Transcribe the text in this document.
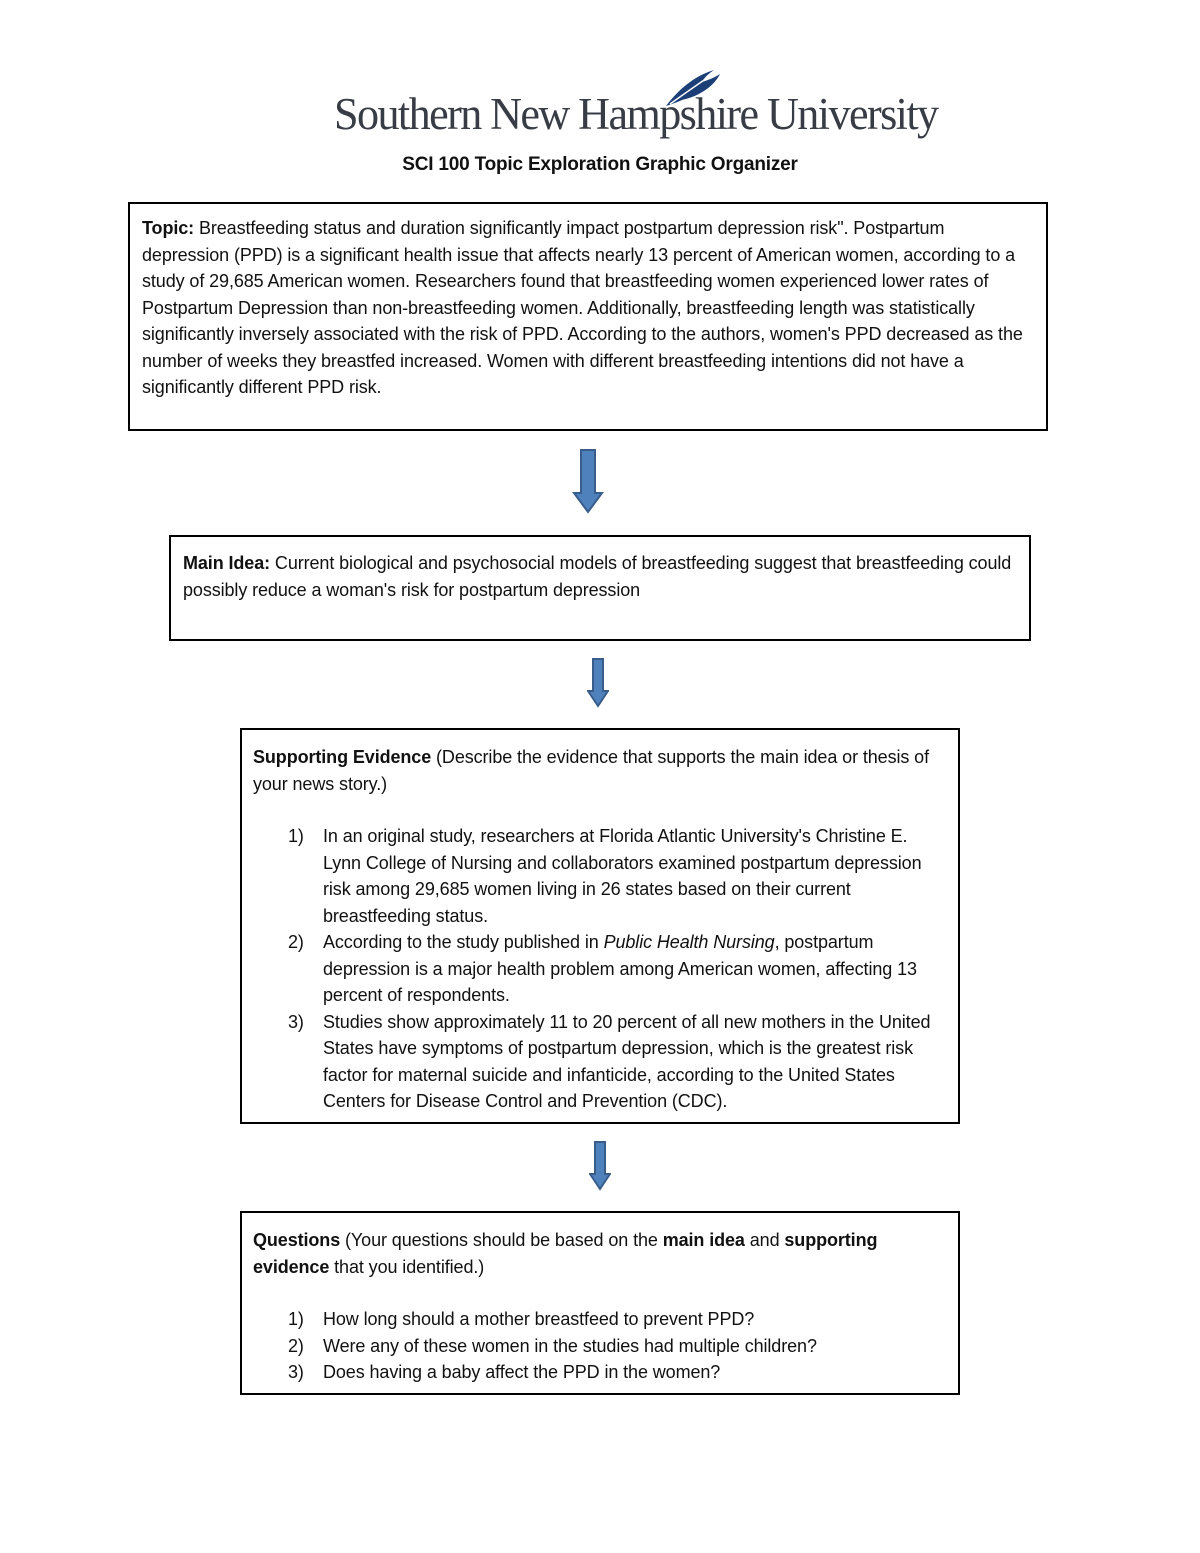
Southern New Hampshire University
SCI 100 Topic Exploration Graphic Organizer

Topic: Breastfeeding status and duration significantly impact postpartum depression risk". Postpartum depression (PPD) is a significant health issue that affects nearly 13 percent of American women, according to a study of 29,685 American women. Researchers found that breastfeeding women experienced lower rates of Postpartum Depression than non-breastfeeding women. Additionally, breastfeeding length was statistically significantly inversely associated with the risk of PPD. According to the authors, women's PPD decreased as the number of weeks they breastfed increased. Women with different breastfeeding intentions did not have a significantly different PPD risk.

Main Idea: Current biological and psychosocial models of breastfeeding suggest that breastfeeding could possibly reduce a woman's risk for postpartum depression

Supporting Evidence (Describe the evidence that supports the main idea or thesis of your news story.)

1)	In an original study, researchers at Florida Atlantic University's Christine E. Lynn College of Nursing and collaborators examined postpartum depression risk among 29,685 women living in 26 states based on their current breastfeeding status.
2)	According to the study published in Public Health Nursing, postpartum depression is a major health problem among American women, affecting 13 percent of respondents.
3)	Studies show approximately 11 to 20 percent of all new mothers in the United States have symptoms of postpartum depression, which is the greatest risk factor for maternal suicide and infanticide, according to the United States Centers for Disease Control and Prevention (CDC).

Questions (Your questions should be based on the main idea and supporting evidence that you identified.)

1)	How long should a mother breastfeed to prevent PPD?
2)	Were any of these women in the studies had multiple children?
3)	Does having a baby affect the PPD in the women?
